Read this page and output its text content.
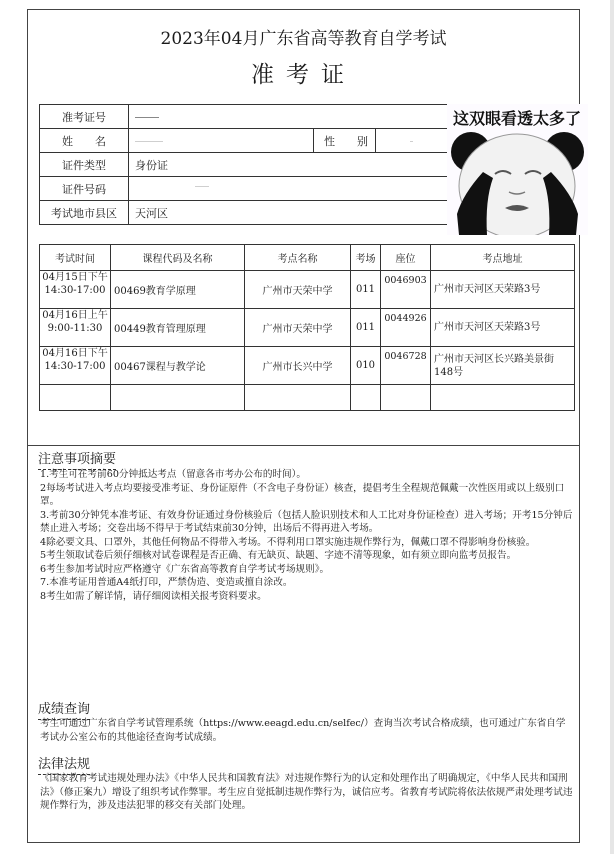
2023年04月广东省高等教育自学考试
准考证
准考证号			
姓　　名		性　　别	
证件类型	身份证		
证件号码			
考试地市县区	天河区		
这双眼看透太多了
考试时间	课程代码及名称	考点名称	考场	座位	考点地址

04月15日下午
14:30-17:00	00469教育学原理	广州市天荣中学	011	0046903	广州市天河区天荣路3号

04月16日上午
9:00-11:30	00449教育管理原理	广州市天荣中学	011	0044926	广州市天河区天荣路3号

04月16日下午
14:30-17:00	00467课程与教学论	广州市长兴中学	010	0046728	广州市天河区长兴路美景街148号

注意事项摘要

1.考生可在考前60分钟抵达考点（留意各市考办公布的时间）。

2每场考试进入考点均要接受准考证、身份证原件（不含电子身份证）核查，提倡考生全程规范佩戴一次性医用或以上级别口罩。

3.考前30分钟凭本准考证、有效身份证通过身份核验后（包括人脸识别技术和人工比对身份证检查）进入考场；开考15分钟后禁止进入考场；交卷出场不得早于考试结束前30分钟，出场后不得再进入考场。

4除必要文具、口罩外，其他任何物品不得带入考场。不得利用口罩实施违规作弊行为，佩戴口罩不得影响身份核验。

5考生领取试卷后须仔细核对试卷课程是否正确、有无缺页、缺题、字迹不清等现象，如有须立即向监考员报告。

6考生参加考试时应严格遵守《广东省高等教育自学考试考场规则》。

7.本准考证用普通A4纸打印，严禁伪造、变造或擅自涂改。

8考生如需了解详情，请仔细阅读相关报考资料要求。

成绩查询

考生可通过广东省自学考试管理系统（https://www.eeagd.edu.cn/selfec/）查询当次考试合格成绩，也可通过广东省自学考试办公室公布的其他途径查询考试成绩。

法律法规

《国家教育考试违规处理办法》《中华人民共和国教育法》对违规作弊行为的认定和处理作出了明确规定，《中华人民共和国刑法》（修正案九）增设了组织考试作弊罪。考生应自觉抵制违规作弊行为，诚信应考。省教育考试院将依法依规严肃处理考试违规作弊行为，涉及违法犯罪的移交有关部门处理。
